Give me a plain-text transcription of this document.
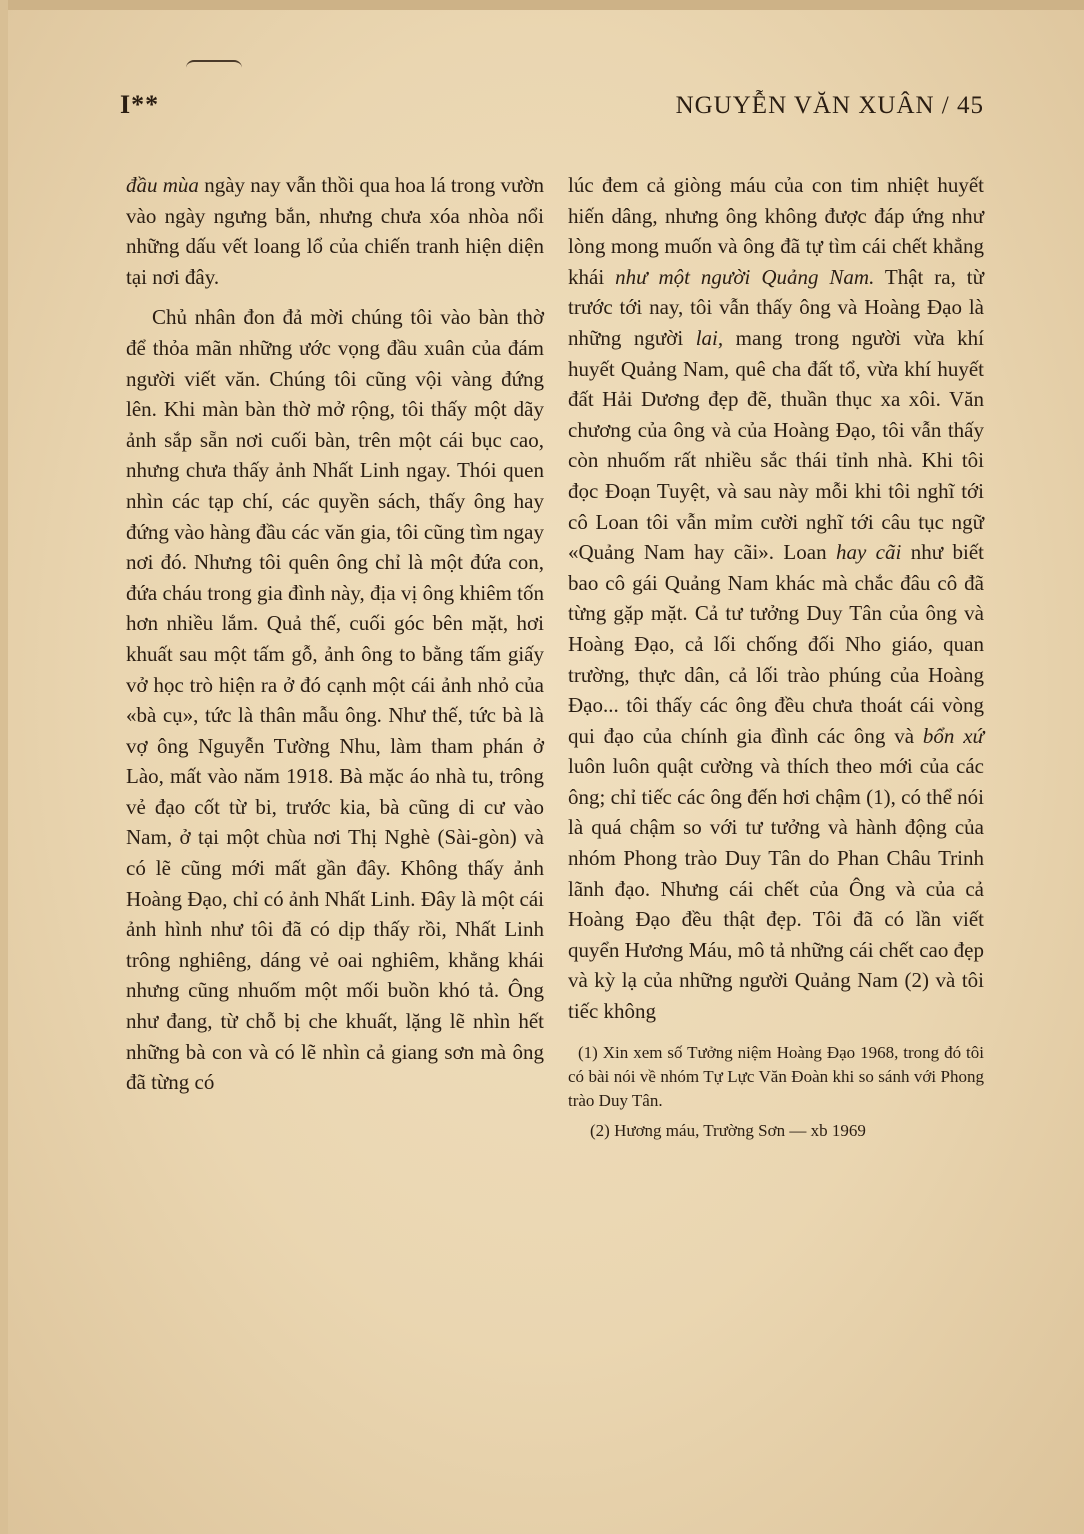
I**	NGUYỄN VĂN XUÂN / 45

đầu mùa ngày nay vẫn thồi qua hoa lá trong vườn vào ngày ngưng bắn, nhưng chưa xóa nhòa nổi những dấu vết loang lổ của chiến tranh hiện diện tại nơi đây.

Chủ nhân đon đả mời chúng tôi vào bàn thờ để thỏa mãn những ước vọng đầu xuân của đám người viết văn. Chúng tôi cũng vội vàng đứng lên. Khi màn bàn thờ mở rộng, tôi thấy một dãy ảnh sắp sẵn nơi cuối bàn, trên một cái bục cao, nhưng chưa thấy ảnh Nhất Linh ngay. Thói quen nhìn các tạp chí, các quyền sách, thấy ông hay đứng vào hàng đầu các văn gia, tôi cũng tìm ngay nơi đó. Nhưng tôi quên ông chỉ là một đứa con, đứa cháu trong gia đình này, địa vị ông khiêm tốn hơn nhiều lắm. Quả thế, cuối góc bên mặt, hơi khuất sau một tấm gỗ, ảnh ông to bằng tấm giấy vở học trò hiện ra ở đó cạnh một cái ảnh nhỏ của «bà cụ», tức là thân mẫu ông. Như thế, tức bà là vợ ông Nguyễn Tường Nhu, làm tham phán ở Lào, mất vào năm 1918. Bà mặc áo nhà tu, trông vẻ đạo cốt từ bi, trước kia, bà cũng di cư vào Nam, ở tại một chùa nơi Thị Nghè (Sài-gòn) và có lẽ cũng mới mất gần đây. Không thấy ảnh Hoàng Đạo, chỉ có ảnh Nhất Linh. Đây là một cái ảnh hình như tôi đã có dịp thấy rồi, Nhất Linh trông nghiêng, dáng vẻ oai nghiêm, khẳng khái nhưng cũng nhuốm một mối buồn khó tả. Ông như đang, từ chỗ bị che khuất, lặng lẽ nhìn hết những bà con và có lẽ nhìn cả giang sơn mà ông đã từng có

lúc đem cả giòng máu của con tim nhiệt huyết hiến dâng, nhưng ông không được đáp ứng như lòng mong muốn và ông đã tự tìm cái chết khẳng khái như một người Quảng Nam. Thật ra, từ trước tới nay, tôi vẫn thấy ông và Hoàng Đạo là những người lai, mang trong người vừa khí huyết Quảng Nam, quê cha đất tổ, vừa khí huyết đất Hải Dương đẹp đẽ, thuần thục xa xôi. Văn chương của ông và của Hoàng Đạo, tôi vẫn thấy còn nhuốm rất nhiều sắc thái tỉnh nhà. Khi tôi đọc Đoạn Tuyệt, và sau này mỗi khi tôi nghĩ tới cô Loan tôi vẫn mỉm cười nghĩ tới câu tục ngữ «Quảng Nam hay cãi». Loan hay cãi như biết bao cô gái Quảng Nam khác mà chắc đâu cô đã từng gặp mặt. Cả tư tưởng Duy Tân của ông và Hoàng Đạo, cả lối chống đối Nho giáo, quan trường, thực dân, cả lối trào phúng của Hoàng Đạo... tôi thấy các ông đều chưa thoát cái vòng qui đạo của chính gia đình các ông và bổn xứ luôn luôn quật cường và thích theo mới của các ông; chỉ tiếc các ông đến hơi chậm (1), có thể nói là quá chậm so với tư tưởng và hành động của nhóm Phong trào Duy Tân do Phan Châu Trinh lãnh đạo. Nhưng cái chết của Ông và của cả Hoàng Đạo đều thật đẹp. Tôi đã có lần viết quyển Hương Máu, mô tả những cái chết cao đẹp và kỳ lạ của những người Quảng Nam (2) và tôi tiếc không

(1) Xin xem số Tưởng niệm Hoàng Đạo 1968, trong đó tôi có bài nói về nhóm Tự Lực Văn Đoàn khi so sánh với Phong trào Duy Tân.
(2) Hương máu, Trường Sơn — xb 1969
